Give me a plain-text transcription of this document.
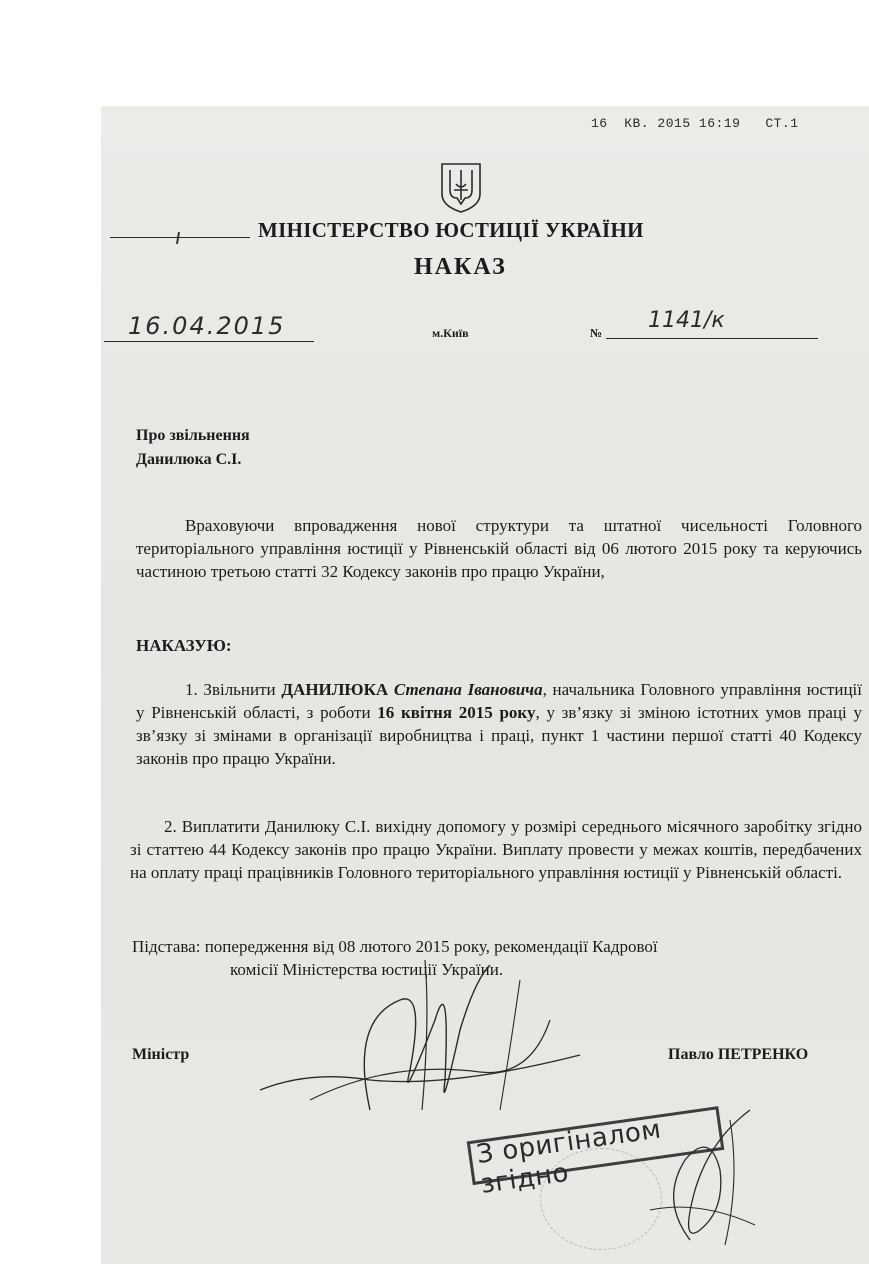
16  КВ. 2015 16:19   СТ.1
МІНІСТЕРСТВО ЮСТИЦІЇ УКРАЇНИ
НАКАЗ
16.04.2015	м.Київ	№ 1141/к
Про звільнення
Данилюка С.І.
Враховуючи впровадження нової структури та штатної чисельності Головного територіального управління юстиції у Рівненській області від 06 лютого 2015 року та керуючись частиною третьою статті 32 Кодексу законів про працю України,
НАКАЗУЮ:
1. Звільнити ДАНИЛЮКА Степана Івановича, начальника Головного управління юстиції у Рівненській області, з роботи 16 квітня 2015 року, у зв’язку зі зміною істотних умов праці у зв’язку зі змінами в організації виробництва і праці, пункт 1 частини першої статті 40 Кодексу законів про працю України.
2. Виплатити Данилюку С.І. вихідну допомогу у розмірі середнього місячного заробітку згідно зі статтею 44 Кодексу законів про працю України. Виплату провести у межах коштів, передбачених на оплату праці працівників Головного територіального управління юстиції у Рівненській області.
Підстава: попередження від 08 лютого 2015 року, рекомендації Кадрової
комісії Міністерства юстиції України.
Міністр	Павло ПЕТРЕНКО
З оригіналом згідно
